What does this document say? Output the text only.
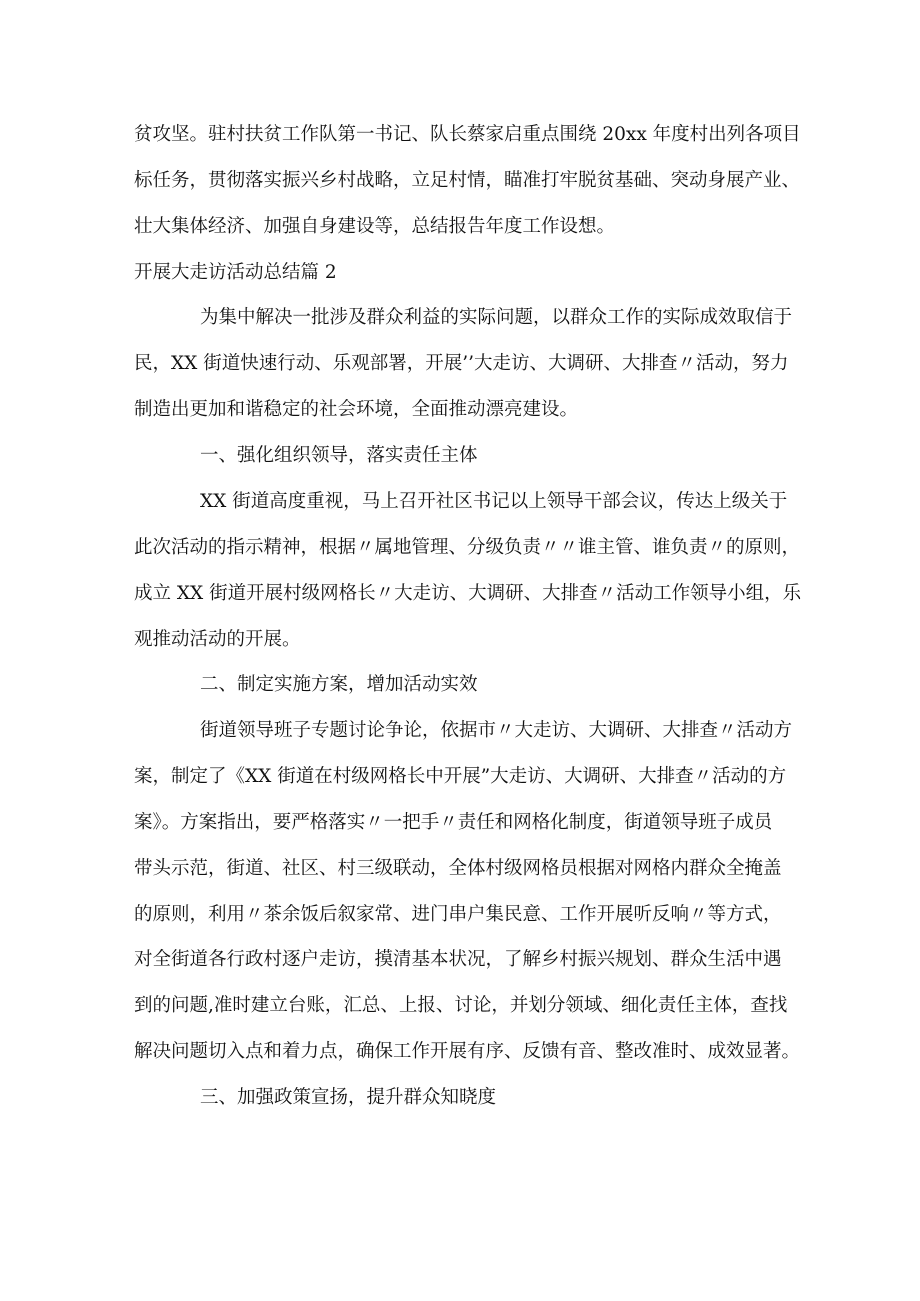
贫攻坚。驻村扶贫工作队第一书记、队长蔡家启重点围绕 20xx 年度村出列各项目
标任务，贯彻落实振兴乡村战略，立足村情，瞄准打牢脱贫基础、突动身展产业、
壮大集体经济、加强自身建设等，总结报告年度工作设想。
开展大走访活动总结篇 2
为集中解决一批涉及群众利益的实际问题，以群众工作的实际成效取信于
民，XX 街道快速行动、乐观部署，开展’’大走访、大调研、大排查〃活动，努力
制造出更加和谐稳定的社会环境，全面推动漂亮建设。
一、强化组织领导，落实责任主体
XX 街道高度重视，马上召开社区书记以上领导干部会议，传达上级关于
此次活动的指示精神，根据〃属地管理、分级负责〃〃谁主管、谁负责〃的原则，
成立 XX 街道开展村级网格长〃大走访、大调研、大排查〃活动工作领导小组，乐
观推动活动的开展。
二、制定实施方案，增加活动实效
街道领导班子专题讨论争论，依据市〃大走访、大调研、大排查〃活动方
案，制定了《XX 街道在村级网格长中开展”大走访、大调研、大排查〃活动的方
案》。方案指出，要严格落实〃一把手〃责任和网格化制度，街道领导班子成员
带头示范，街道、社区、村三级联动，全体村级网格员根据对网格内群众全掩盖
的原则，利用〃茶余饭后叙家常、进门串户集民意、工作开展听反响〃等方式，
对全街道各行政村逐户走访，摸清基本状况，了解乡村振兴规划、群众生活中遇
到的问题,准时建立台账，汇总、上报、讨论，并划分领域、细化责任主体，查找
解决问题切入点和着力点，确保工作开展有序、反馈有音、整改准时、成效显著。
三、加强政策宣扬，提升群众知晓度
